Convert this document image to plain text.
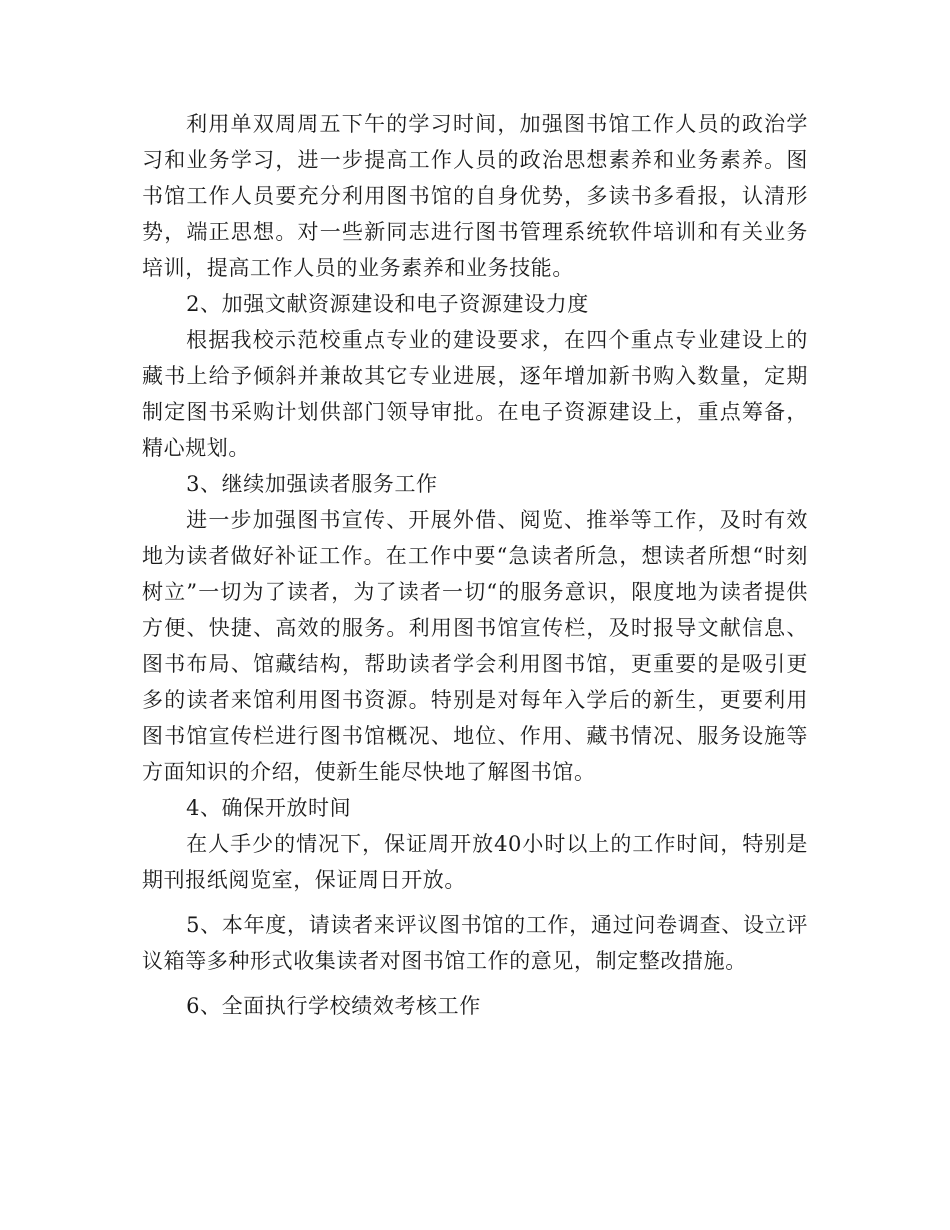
利用单双周周五下午的学习时间，加强图书馆工作人员的政治学习和业务学习，进一步提高工作人员的政治思想素养和业务素养。图书馆工作人员要充分利用图书馆的自身优势，多读书多看报，认清形势，端正思想。对一些新同志进行图书管理系统软件培训和有关业务培训，提高工作人员的业务素养和业务技能。

2、加强文献资源建设和电子资源建设力度

根据我校示范校重点专业的建设要求，在四个重点专业建设上的藏书上给予倾斜并兼故其它专业进展，逐年增加新书购入数量，定期制定图书采购计划供部门领导审批。在电子资源建设上，重点筹备，精心规划。

3、继续加强读者服务工作

进一步加强图书宣传、开展外借、阅览、推举等工作，及时有效地为读者做好补证工作。在工作中要“急读者所急，想读者所想“时刻树立”一切为了读者，为了读者一切“的服务意识，限度地为读者提供方便、快捷、高效的服务。利用图书馆宣传栏，及时报导文献信息、图书布局、馆藏结构，帮助读者学会利用图书馆，更重要的是吸引更多的读者来馆利用图书资源。特别是对每年入学后的新生，更要利用图书馆宣传栏进行图书馆概况、地位、作用、藏书情况、服务设施等方面知识的介绍，使新生能尽快地了解图书馆。

4、确保开放时间

在人手少的情况下，保证周开放40小时以上的工作时间，特别是期刊报纸阅览室，保证周日开放。

5、本年度，请读者来评议图书馆的工作，通过问卷调查、设立评议箱等多种形式收集读者对图书馆工作的意见，制定整改措施。

6、全面执行学校绩效考核工作
